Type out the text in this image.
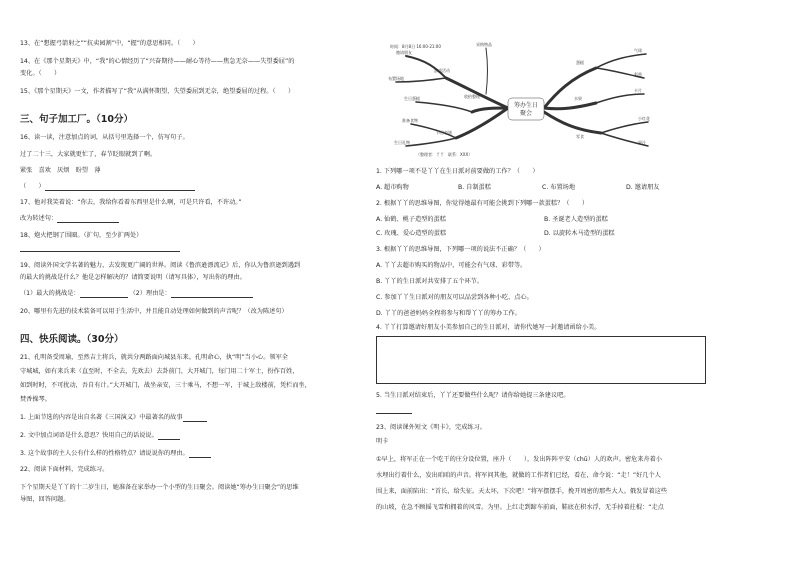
13、在“想握弓箭射之”“抗卖园割”中，“握”的意思相同。（　　）
14、在《那个星期天》中，“我”的心情经历了“兴奋期待——耐心等待——焦急无奈——失望委屈”的
变化。（　　）
15、《那个星期天》一文，作者描写了“我”从满怀期望、失望委屈到无奈，绝望委屈的过程。（　　）
三、句子加工厂。（10分）
16、读一读，注意加点的词，从括号里选择一个，仿写句子。
过了二十三，大家就更忙了，春节眨眼就到了啊。
紧张　喜欢　厌烦　盼望　薄
（　　）
17、他对我笑着说：“你去，我给你看着东西里是什么啊，可是只许看，不许动。”
改为转述句：
18、炮火把钢了围圈。（扩句，至少扩两处）
19、阅读外国文学名著的魅力，去发现更广阔的世界。阅读《鲁滨逊漂流记》后，你认为鲁滨逊到遇到
的最大的挑战是什么？他是怎样解决的？请简要说明（请写具体），写出你的理由。
（1）最大的挑战是：	（2）理由是：
20、哪里有先进的技术装备可以用于生活中，并且能自动处理如何做到的声音呢？（改为陈述句）
四、快乐阅读。（30分）
21、孔明备受周瑜，至然吉土将兵，就共分两路面向城县东来。孔明命心，执“明”当小心。领军全
守城城，如有来兵来（直至时，不全去，先欢去）去卦前门，大开城门，每门用二十军士，扮作百姓，
如到时时，不可扰动，吾自有计。”大开城门，战坐亲安，三十乘马，不想一军，于城上敌楼前，凭栏而坐，
焚香操琴。
1. 上面节选的内容是出自名著《三国演义》中最著名的故事
2. 文中加点词语是什么意思？快用自己的话说说。
3. 这个故事的主人公有什么样的性格特点？请说说你的理由。
22、阅读下面材料，完成练习。
下个星期天是丫丫的十二岁生日，她准备在家举办一个小型的生日聚会。阅读她“筹办生日聚会”的思维
导图，回答问题。
筹办生日
聚会
时间：8月8日 16:00-21:00
邀请朋友
布置场地
生日蛋糕
准备食物
生日礼物
游戏活动
节目表演
采购物品
气球
彩带
卡片
小红花
果汁
蛋糕
水果
零食
收拾整理
（整理者：丫丫　联系：XXX）
1. 下列哪一项不是丫丫在生日派对前要做的工作？（　　）
A. 超市购物	B. 自制蛋糕	C. 布置场地	D. 邀请朋友
2. 根据丫丫的思维导图，你觉得她最有可能会挑到下列哪一款蛋糕？（　　）
A. 仙鹤、桃子造型的蛋糕	B. 圣诞老人造型的蛋糕
C. 玫瑰、爱心造型的蛋糕	D. 以旋转木马造型的蛋糕
3. 根据丫丫的思维导图，下列哪一项的说法不正确？（　　）
A. 丫丫去超市购买的物品中，可能会有气球、彩带等。
B. 丫丫的生日派对共安排了五个环节。
C. 参加丫丫生日派对的朋友可以品尝到各种小吃、点心。
D. 丫丫的爸爸妈妈全程将参与和帮丫丫的筹办工作。
4. 丫丫打算邀请好朋友小美参加自己的生日派对，请你代她写一封邀请函给小美。
5. 当生日派对结束后，丫丫还要做些什么呢？请你给她提三条建议吧。
23、阅读课外短文《明卡》，完成练习。
明卡
①早上，将军正在一个吃干的庄分设位置，座升（　　），发出阵阵平安（chū）人的欢声。密危来舟着小
水埋出行着什么，发出咱咱的声音。将军问其他，就做的工作者们已经，看在，命令说：“走！”好几个人
围上来，面前陷出：“首长，给失征。天太坏，下次吧！”将军摆摆手，挽开周密的那些大人。俄发冒着这些
的山坡，在急不顾摇飞雪和拥着的风雪。为里。上红走到蹄车前面，鞋底在积水浮，无手掉着拄棍：“走点
